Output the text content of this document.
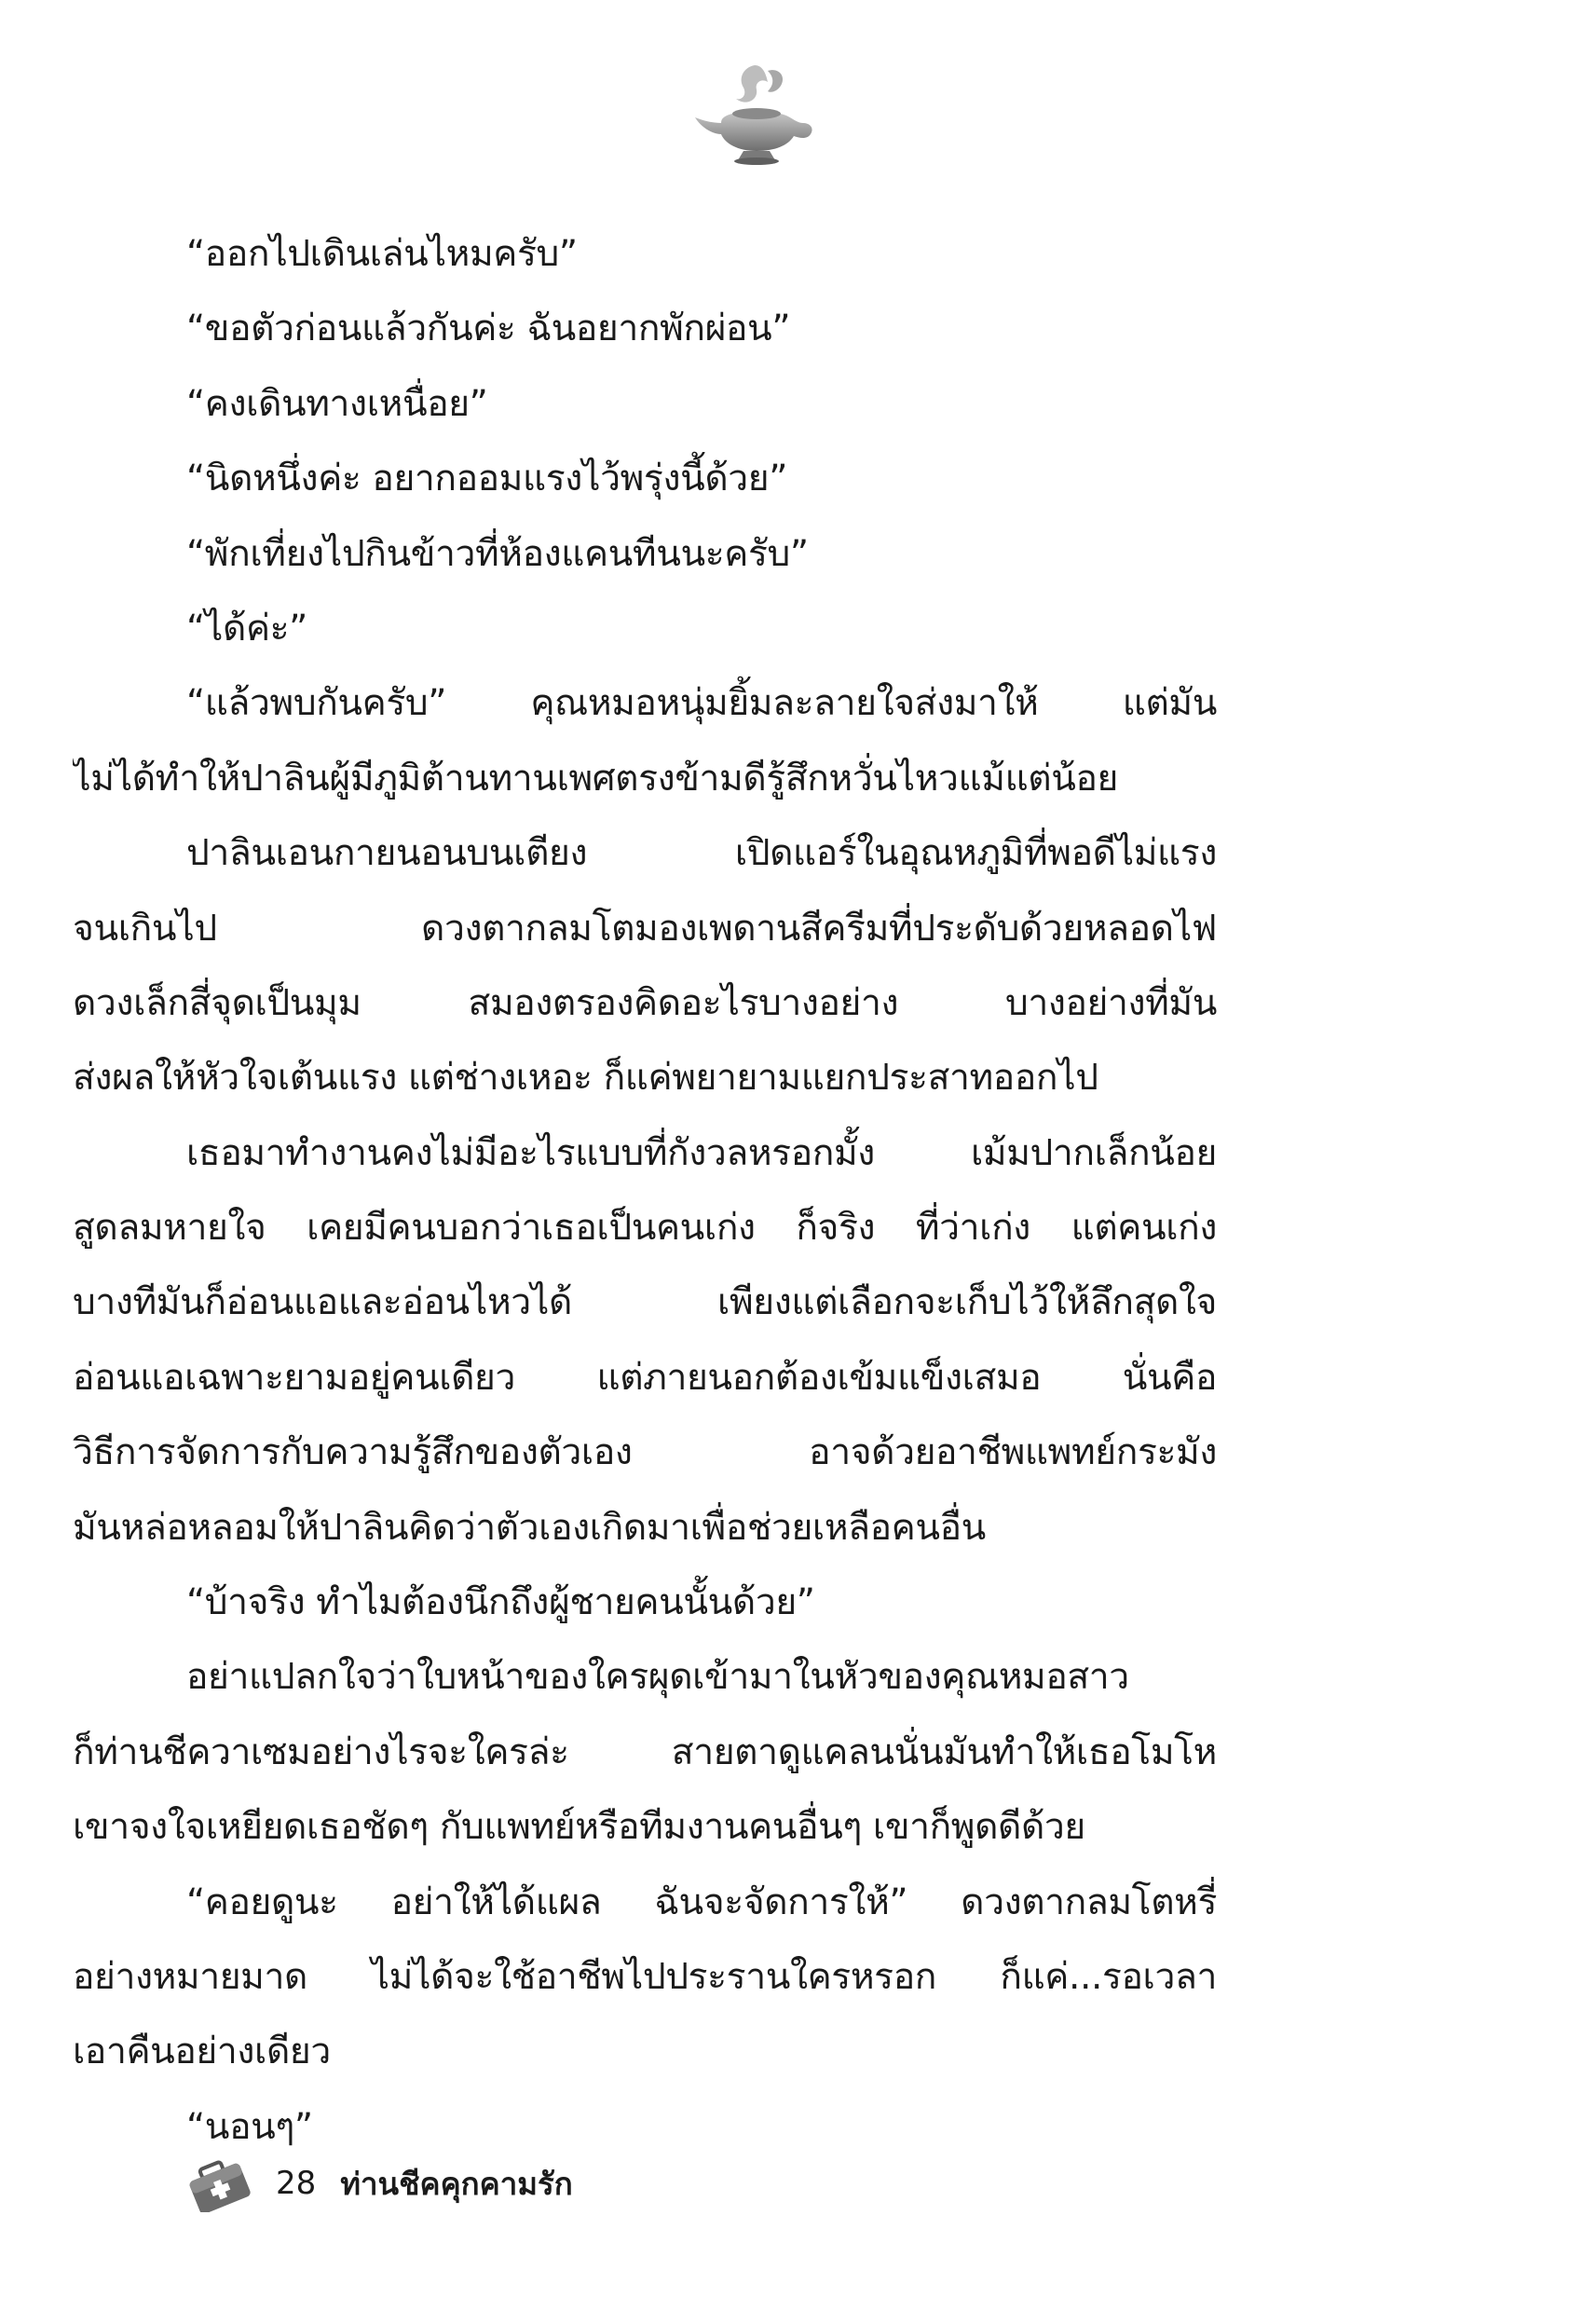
“ออกไปเดินเล่นไหมครับ”
“ขอตัวก่อนแล้วกันค่ะ ฉันอยากพักผ่อน”
“คงเดินทางเหนื่อย”
“นิดหนึ่งค่ะ อยากออมแรงไว้พรุ่งนี้ด้วย”
“พักเที่ยงไปกินข้าวที่ห้องแคนทีนนะครับ”
“ได้ค่ะ”
“แล้วพบกันครับ” คุณหมอหนุ่มยิ้มละลายใจส่งมาให้ แต่มัน
ไม่ได้ทำให้ปาลินผู้มีภูมิต้านทานเพศตรงข้ามดีรู้สึกหวั่นไหวแม้แต่น้อย
ปาลินเอนกายนอนบนเตียง เปิดแอร์ในอุณหภูมิที่พอดีไม่แรง
จนเกินไป ดวงตากลมโตมองเพดานสีครีมที่ประดับด้วยหลอดไฟ
ดวงเล็กสี่จุดเป็นมุม สมองตรองคิดอะไรบางอย่าง บางอย่างที่มัน
ส่งผลให้หัวใจเต้นแรง แต่ช่างเหอะ ก็แค่พยายามแยกประสาทออกไป
เธอมาทำงานคงไม่มีอะไรแบบที่กังวลหรอกมั้ง เม้มปากเล็กน้อย
สูดลมหายใจ เคยมีคนบอกว่าเธอเป็นคนเก่ง ก็จริง ที่ว่าเก่ง แต่คนเก่ง
บางทีมันก็อ่อนแอและอ่อนไหวได้ เพียงแต่เลือกจะเก็บไว้ให้ลึกสุดใจ
อ่อนแอเฉพาะยามอยู่คนเดียว แต่ภายนอกต้องเข้มแข็งเสมอ นั่นคือ
วิธีการจัดการกับความรู้สึกของตัวเอง อาจด้วยอาชีพแพทย์กระมัง
มันหล่อหลอมให้ปาลินคิดว่าตัวเองเกิดมาเพื่อช่วยเหลือคนอื่น
“บ้าจริง ทำไมต้องนึกถึงผู้ชายคนนั้นด้วย”
อย่าแปลกใจว่าใบหน้าของใครผุดเข้ามาในหัวของคุณหมอสาว
ก็ท่านชีควาเซมอย่างไรจะใครล่ะ สายตาดูแคลนนั่นมันทำให้เธอโมโห
เขาจงใจเหยียดเธอชัดๆ กับแพทย์หรือทีมงานคนอื่นๆ เขาก็พูดดีด้วย
“คอยดูนะ อย่าให้ได้แผล ฉันจะจัดการให้” ดวงตากลมโตหรี่
อย่างหมายมาด ไม่ได้จะใช้อาชีพไปประรานใครหรอก ก็แค่...รอเวลา
เอาคืนอย่างเดียว
“นอนๆ”
28 ท่านชีคคุกคามรัก
